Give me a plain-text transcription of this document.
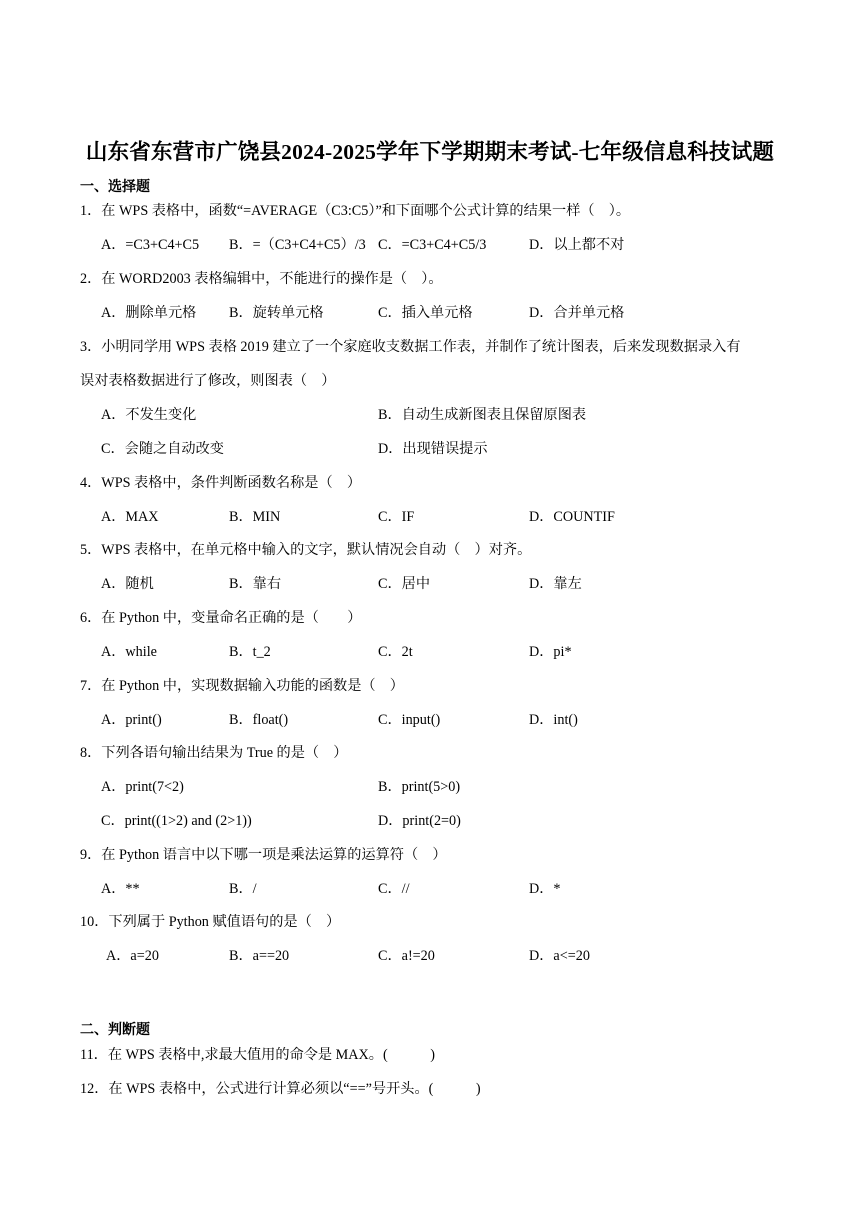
山东省东营市广饶县2024-2025学年下学期期末考试-七年级信息科技试题
一、选择题
1．在 WPS 表格中，函数“=AVERAGE（C3:C5）”和下面哪个公式计算的结果一样（　）。
A．=C3+C4+C5 B．=（C3+C4+C5）/3 C．=C3+C4+C5/3	D．以上都不对
2．在 WORD2003 表格编辑中，不能进行的操作是（　）。
A．删除单元格 B．旋转单元格	C．插入单元格	D．合并单元格
3．小明同学用 WPS 表格 2019 建立了一个家庭收支数据工作表，并制作了统计图表，后来发现数据录入有
误对表格数据进行了修改，则图表（　）
A．不发生变化	B．自动生成新图表且保留原图表
C．会随之自动改变	D．出现错误提示
4．WPS 表格中，条件判断函数名称是（　）
A．MAX	B．MIN	C．IF	D．COUNTIF
5．WPS 表格中，在单元格中输入的文字，默认情况会自动（　）对齐。
A．随机	B．靠右	C．居中	D．靠左
6．在 Python 中，变量命名正确的是（　　）
A．while	B．t_2	C．2t	D．pi*
7．在 Python 中，实现数据输入功能的函数是（　）
A．print()	B．float()	C．input()	D．int()
8．下列各语句输出结果为 True 的是（　）
A．print(7<2)	B．print(5>0)
C．print((1>2) and (2>1))	D．print(2=0)
9．在 Python 语言中以下哪一项是乘法运算的运算符（　）
A．**	B．/	C．//	D．*
10．下列属于 Python 赋值语句的是（　）
A．a=20	B．a==20	C．a!=20	D．a<=20
二、判断题
11．在 WPS 表格中,求最大值用的命令是 MAX。(　　　)
12．在 WPS 表格中，公式进行计算必须以“==”号开头。(　　　)
